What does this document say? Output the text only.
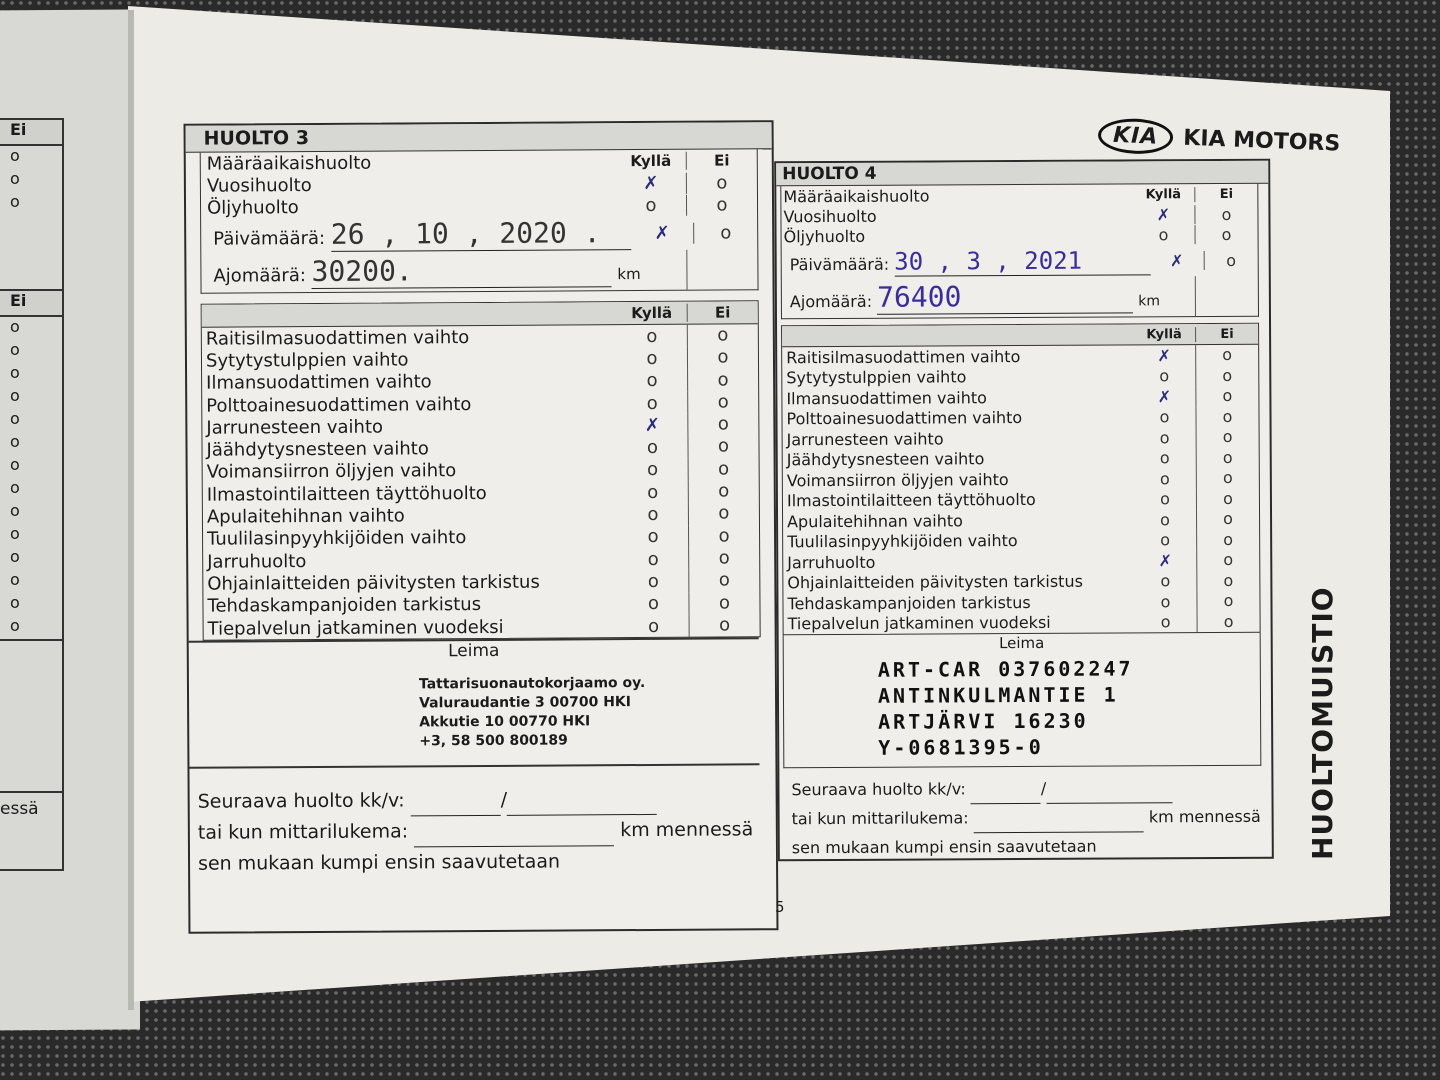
Ei
o
o
o
Ei
o
o
o
o
o
o
o
o
o
o
o
o
o
o
essä
KIA	KIA MOTORS
HUOLTO 3
Määräaikaishuolto	Kyllä	Ei
Vuosihuolto	✗	o
Öljyhuolto	o	o
Päivämäärä: 26 , 10 , 2020 .	✗	o
Ajomäärä: 30200.	km
Kyllä	Ei
Raitisilmasuodattimen vaihto	o	o
Sytytystulppien vaihto	o	o
Ilmansuodattimen vaihto	o	o
Polttoainesuodattimen vaihto	o	o
Jarrunesteen vaihto	✗	o
Jäähdytysnesteen vaihto	o	o
Voimansiirron öljyjen vaihto	o	o
Ilmastointilaitteen täyttöhuolto	o	o
Apulaitehihnan vaihto	o	o
Tuulilasinpyyhkijöiden vaihto	o	o
Jarruhuolto	o	o
Ohjainlaitteiden päivitysten tarkistus	o	o
Tehdaskampanjoiden tarkistus	o	o
Tiepalvelun jatkaminen vuodeksi	o	o
Leima
Tattarisuonautokorjaamo oy.
Valuraudantie 3 00700 HKI
Akkutie 10 00770 HKI
+3, 58 500 800189
Seuraava huolto kk/v:	/
tai kun mittarilukema:	km mennessä
sen mukaan kumpi ensin saavutetaan
HUOLTO 4
Määräaikaishuolto	Kyllä	Ei
Vuosihuolto	✗	o
Öljyhuolto	o	o
Päivämäärä: 30 , 3 , 2021	✗	o
Ajomäärä: 76400	km
Kyllä	Ei
Raitisilmasuodattimen vaihto	✗	o
Sytytystulppien vaihto	o	o
Ilmansuodattimen vaihto	✗	o
Polttoainesuodattimen vaihto	o	o
Jarrunesteen vaihto	o	o
Jäähdytysnesteen vaihto	o	o
Voimansiirron öljyjen vaihto	o	o
Ilmastointilaitteen täyttöhuolto	o	o
Apulaitehihnan vaihto	o	o
Tuulilasinpyyhkijöiden vaihto	o	o
Jarruhuolto	✗	o
Ohjainlaitteiden päivitysten tarkistus	o	o
Tehdaskampanjoiden tarkistus	o	o
Tiepalvelun jatkaminen vuodeksi	o	o
Leima
ART-CAR 037602247
ANTINKULMANTIE 1
ARTJÄRVI 16230
Y-0681395-0
Seuraava huolto kk/v:	/
tai kun mittarilukema:	km mennessä
sen mukaan kumpi ensin saavutetaan	HUOLTOMUISTIO
5
